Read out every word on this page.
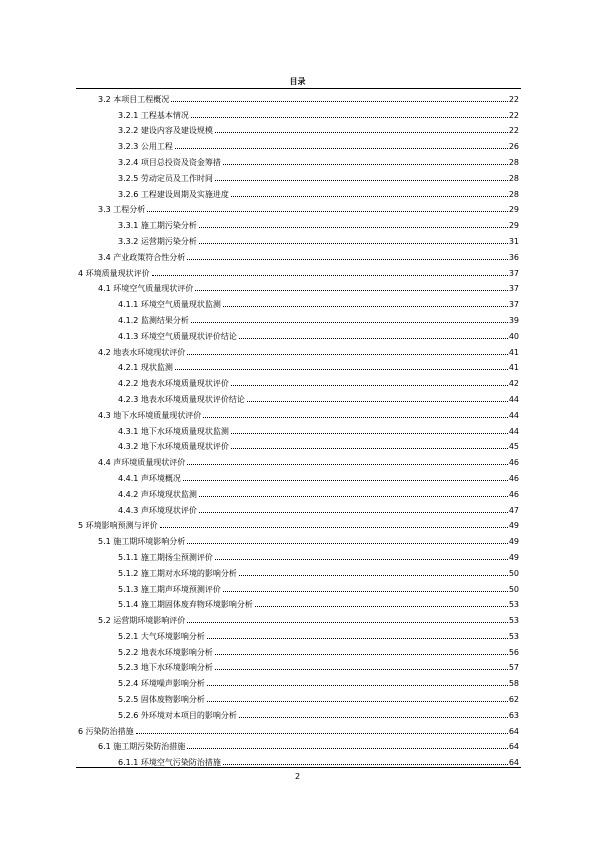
目录
3.2 本项目工程概况	22
3.2.1 工程基本情况	22
3.2.2 建设内容及建设规模	22
3.2.3 公用工程	26
3.2.4 项目总投资及资金筹措	28
3.2.5 劳动定员及工作时间	28
3.2.6 工程建设周期及实施进度	28
3.3 工程分析	29
3.3.1 施工期污染分析	29
3.3.2 运营期污染分析	31
3.4 产业政策符合性分析	36
4 环境质量现状评价	37
4.1 环境空气质量现状评价	37
4.1.1 环境空气质量现状监测	37
4.1.2 监测结果分析	39
4.1.3 环境空气质量现状评价结论	40
4.2 地表水环境现状评价	41
4.2.1 现状监测	41
4.2.2 地表水环境质量现状评价	42
4.2.3 地表水环境质量现状评价结论	44
4.3 地下水环境质量现状评价	44
4.3.1 地下水环境质量现状监测	44
4.3.2 地下水环境质量现状评价	45
4.4 声环境质量现状评价	46
4.4.1 声环境概况	46
4.4.2 声环境现状监测	46
4.4.3 声环境现状评价	47
5 环境影响预测与评价	49
5.1 施工期环境影响分析	49
5.1.1 施工期扬尘预测评价	49
5.1.2 施工期对水环境的影响分析	50
5.1.3 施工期声环境预测评价	50
5.1.4 施工期固体废弃物环境影响分析	53
5.2 运营期环境影响评价	53
5.2.1 大气环境影响分析	53
5.2.2 地表水环境影响分析	56
5.2.3 地下水环境影响分析	57
5.2.4 环境噪声影响分析	58
5.2.5 固体废物影响分析	62
5.2.6 外环境对本项目的影响分析	63
6 污染防治措施	64
6.1 施工期污染防治措施	64
6.1.1 环境空气污染防治措施	64
2
